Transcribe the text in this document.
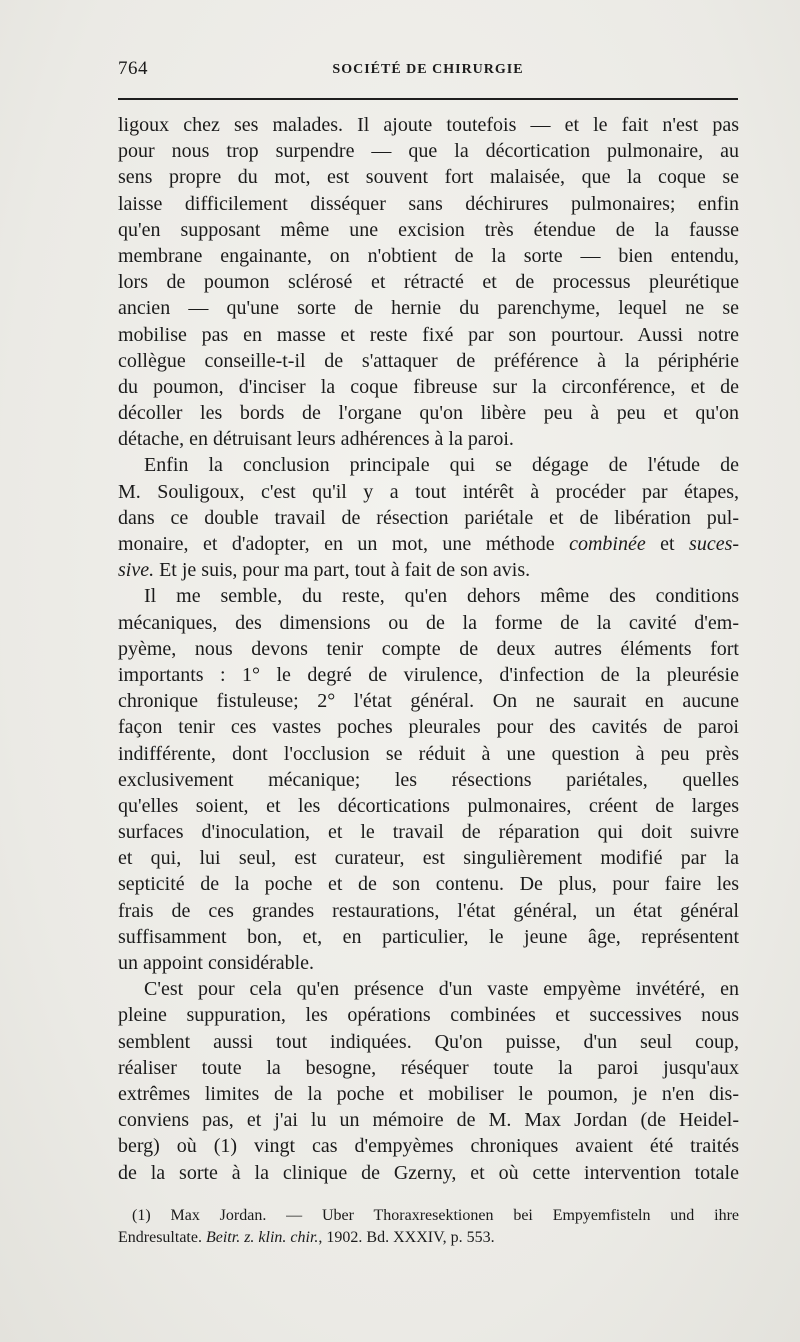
764	SOCIÉTÉ DE CHIRURGIE
ligoux chez ses malades. Il ajoute toutefois — et le fait n'est pas
pour nous trop surpendre — que la décortication pulmonaire, au
sens propre du mot, est souvent fort malaisée, que la coque se
laisse difficilement disséquer sans déchirures pulmonaires; enfin
qu'en supposant même une excision très étendue de la fausse
membrane engainante, on n'obtient de la sorte — bien entendu,
lors de poumon sclérosé et rétracté et de processus pleurétique
ancien — qu'une sorte de hernie du parenchyme, lequel ne se
mobilise pas en masse et reste fixé par son pourtour. Aussi notre
collègue conseille-t-il de s'attaquer de préférence à la périphérie
du poumon, d'inciser la coque fibreuse sur la circonférence, et de
décoller les bords de l'organe qu'on libère peu à peu et qu'on
détache, en détruisant leurs adhérences à la paroi.
Enfin la conclusion principale qui se dégage de l'étude de
M. Souligoux, c'est qu'il y a tout intérêt à procéder par étapes,
dans ce double travail de résection pariétale et de libération pul-
monaire, et d'adopter, en un mot, une méthode combinée et suces-
sive. Et je suis, pour ma part, tout à fait de son avis.
Il me semble, du reste, qu'en dehors même des conditions
mécaniques, des dimensions ou de la forme de la cavité d'em-
pyème, nous devons tenir compte de deux autres éléments fort
importants : 1° le degré de virulence, d'infection de la pleurésie
chronique fistuleuse; 2° l'état général. On ne saurait en aucune
façon tenir ces vastes poches pleurales pour des cavités de paroi
indifférente, dont l'occlusion se réduit à une question à peu près
exclusivement mécanique; les résections pariétales, quelles
qu'elles soient, et les décortications pulmonaires, créent de larges
surfaces d'inoculation, et le travail de réparation qui doit suivre
et qui, lui seul, est curateur, est singulièrement modifié par la
septicité de la poche et de son contenu. De plus, pour faire les
frais de ces grandes restaurations, l'état général, un état général
suffisamment bon, et, en particulier, le jeune âge, représentent
un appoint considérable.
C'est pour cela qu'en présence d'un vaste empyème invétéré, en
pleine suppuration, les opérations combinées et successives nous
semblent aussi tout indiquées. Qu'on puisse, d'un seul coup,
réaliser toute la besogne, réséquer toute la paroi jusqu'aux
extrêmes limites de la poche et mobiliser le poumon, je n'en dis-
conviens pas, et j'ai lu un mémoire de M. Max Jordan (de Heidel-
berg) où (1) vingt cas d'empyèmes chroniques avaient été traités
de la sorte à la clinique de Gzerny, et où cette intervention totale
(1) Max Jordan. — Uber Thoraxresektionen bei Empyemfisteln und ihre
Endresultate. Beitr. z. klin. chir., 1902. Bd. XXXIV, p. 553.
